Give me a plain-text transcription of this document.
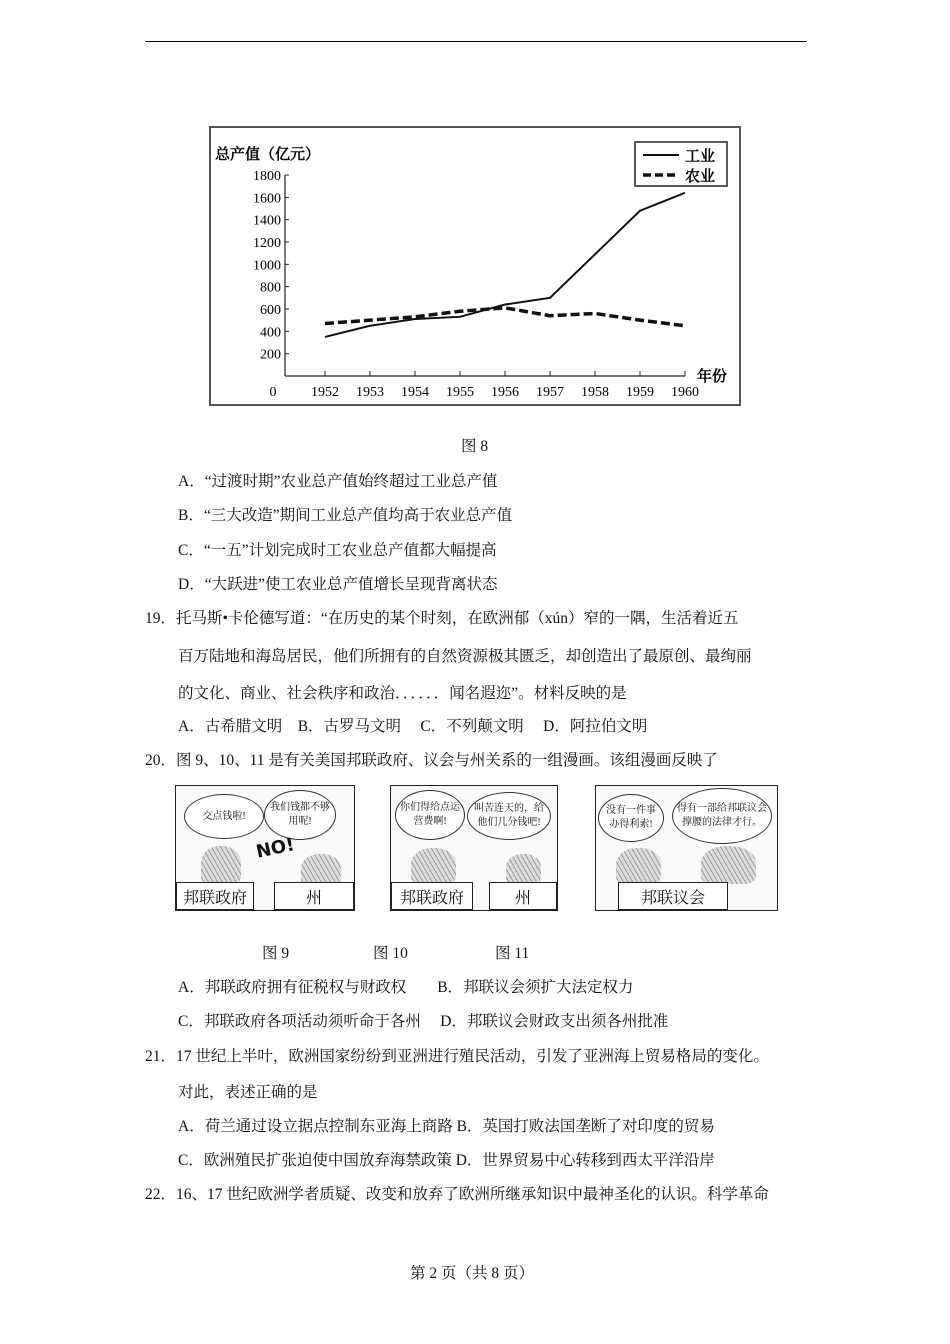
0
200
400
600
800
1000
1200
1400
1600
1800
1952 1953 1954 1955 1956 1957 1958 1959 1960
总产值（亿元）
年份
工业
农业
图 8
A．“过渡时期”农业总产值始终超过工业总产值
B．“三大改造”期间工业总产值均高于农业总产值
C．“一五”计划完成时工农业总产值都大幅提高
D．“大跃进”使工农业总产值增长呈现背离状态
19．托马斯•卡伦德写道：“在历史的某个时刻，在欧洲郁（xún）窄的一隅，生活着近五
百万陆地和海岛居民，他们所拥有的自然资源极其匮乏，却创造出了最原创、最绚丽
的文化、商业、社会秩序和政治．．．．．．闻名遐迩”。材料反映的是
A．古希腊文明　B．古罗马文明　 C．不列颠文明　 D．阿拉伯文明
20．图 9、10、11 是有关美国邦联政府、议会与州关系的一组漫画。该组漫画反映了
交点钱啦!
我们钱都不够用呢!
NO!
邦联政府	州
你们得给点运营费啊!
叫苦连天的，给他们几分钱吧!
邦联政府	州
没有一件事办得利索!
得有一部给邦联议会撑腰的法律才行。
邦联议会
图 9	图 10	图 11
A．邦联政府拥有征税权与财政权　　B．邦联议会须扩大法定权力
C．邦联政府各项活动须听命于各州　 D．邦联议会财政支出须各州批准
21．17 世纪上半叶，欧洲国家纷纷到亚洲进行殖民活动，引发了亚洲海上贸易格局的变化。
对此，表述正确的是
A．荷兰通过设立据点控制东亚海上商路 B．英国打败法国垄断了对印度的贸易
C．欧洲殖民扩张迫使中国放弃海禁政策 D．世界贸易中心转移到西太平洋沿岸
22．16、17 世纪欧洲学者质疑、改变和放弃了欧洲所继承知识中最神圣化的认识。科学革命
第 2 页（共 8 页）
